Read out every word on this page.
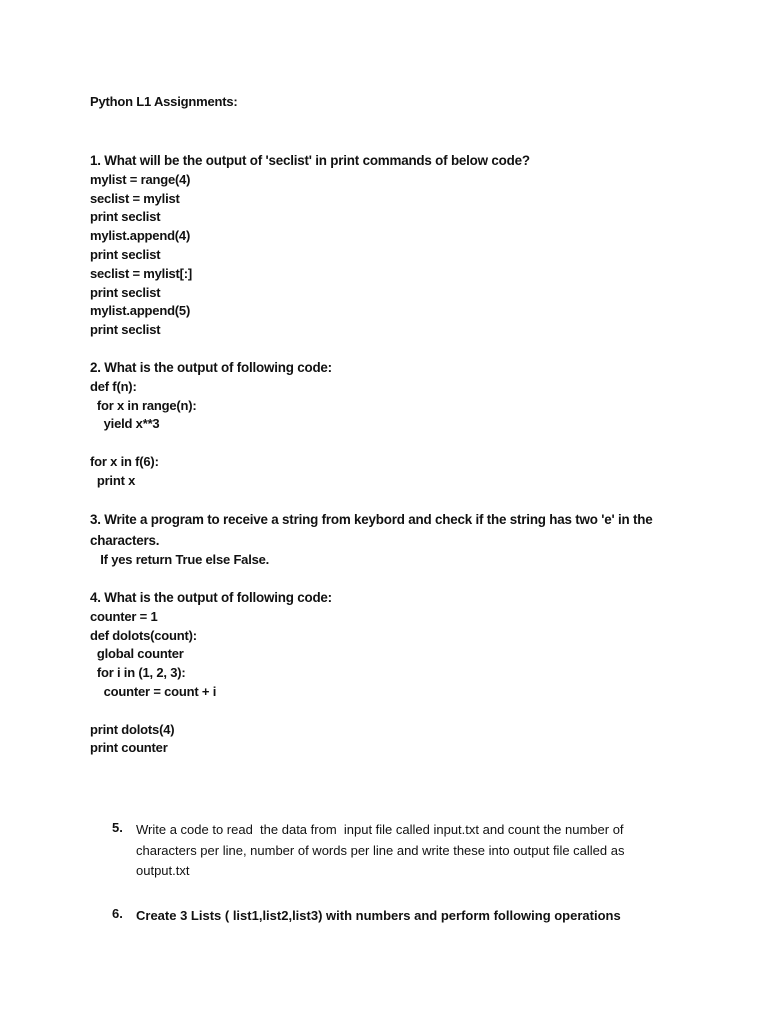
Python L1 Assignments:
1. What will be the output of 'seclist' in print commands of below code?
mylist = range(4)
seclist = mylist
print seclist
mylist.append(4)
print seclist
seclist = mylist[:]
print seclist
mylist.append(5)
print seclist
2. What is the output of following code:
def f(n):
for x in range(n):
yield x**3
for x in f(6):
print x
3. Write a program to receive a string from keybord and check if the string has two 'e' in the
characters.
If yes return True else False.
4. What is the output of following code:
counter = 1
def dolots(count):
global counter
for i in (1, 2, 3):
counter = count + i
print dolots(4)
print counter
5.	Write a code to read  the data from  input file called input.txt and count the number of
characters per line, number of words per line and write these into output file called as
output.txt
6.	Create 3 Lists ( list1,list2,list3) with numbers and perform following operations
